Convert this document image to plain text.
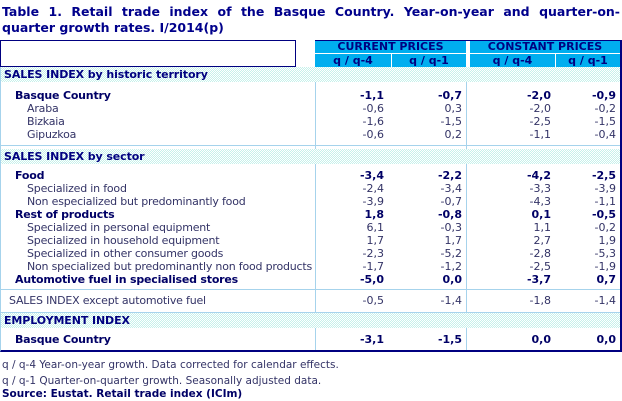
Table 1. Retail trade index of the Basque Country. Year-on-year and quarter-on-
quarter growth rates. I/2014(p)
CURRENT PRICES	CONSTANT PRICES
q / q-4	q / q-1	q / q-4	q / q-1
SALES INDEX by historic territory
Basque Country	-1,1	-0,7	-2,0	-0,9
Araba	-0,6	0,3	-2,0	-0,2
Bizkaia	-1,6	-1,5	-2,5	-1,5
Gipuzkoa	-0,6	0,2	-1,1	-0,4
SALES INDEX by sector
Food	-3,4	-2,2	-4,2	-2,5
Specialized in food	-2,4	-3,4	-3,3	-3,9
Non especialized but predominantly food	-3,9	-0,7	-4,3	-1,1
Rest of products	1,8	-0,8	0,1	-0,5
Specialized in personal equipment	6,1	-0,3	1,1	-0,2
Specialized in household equipment	1,7	1,7	2,7	1,9
Specialized in other consumer goods	-2,3	-5,2	-2,8	-5,3
Non specialized but predominantly non food products	-1,7	-1,2	-2,5	-1,9
Automotive fuel in specialised stores	-5,0	0,0	-3,7	0,7
SALES INDEX except automotive fuel	-0,5	-1,4	-1,8	-1,4
EMPLOYMENT INDEX
Basque Country	-3,1	-1,5	0,0	0,0
q / q-4 Year-on-year growth. Data corrected for calendar effects.
q / q-1 Quarter-on-quarter growth. Seasonally adjusted data.
Source: Eustat. Retail trade index (ICIm)
